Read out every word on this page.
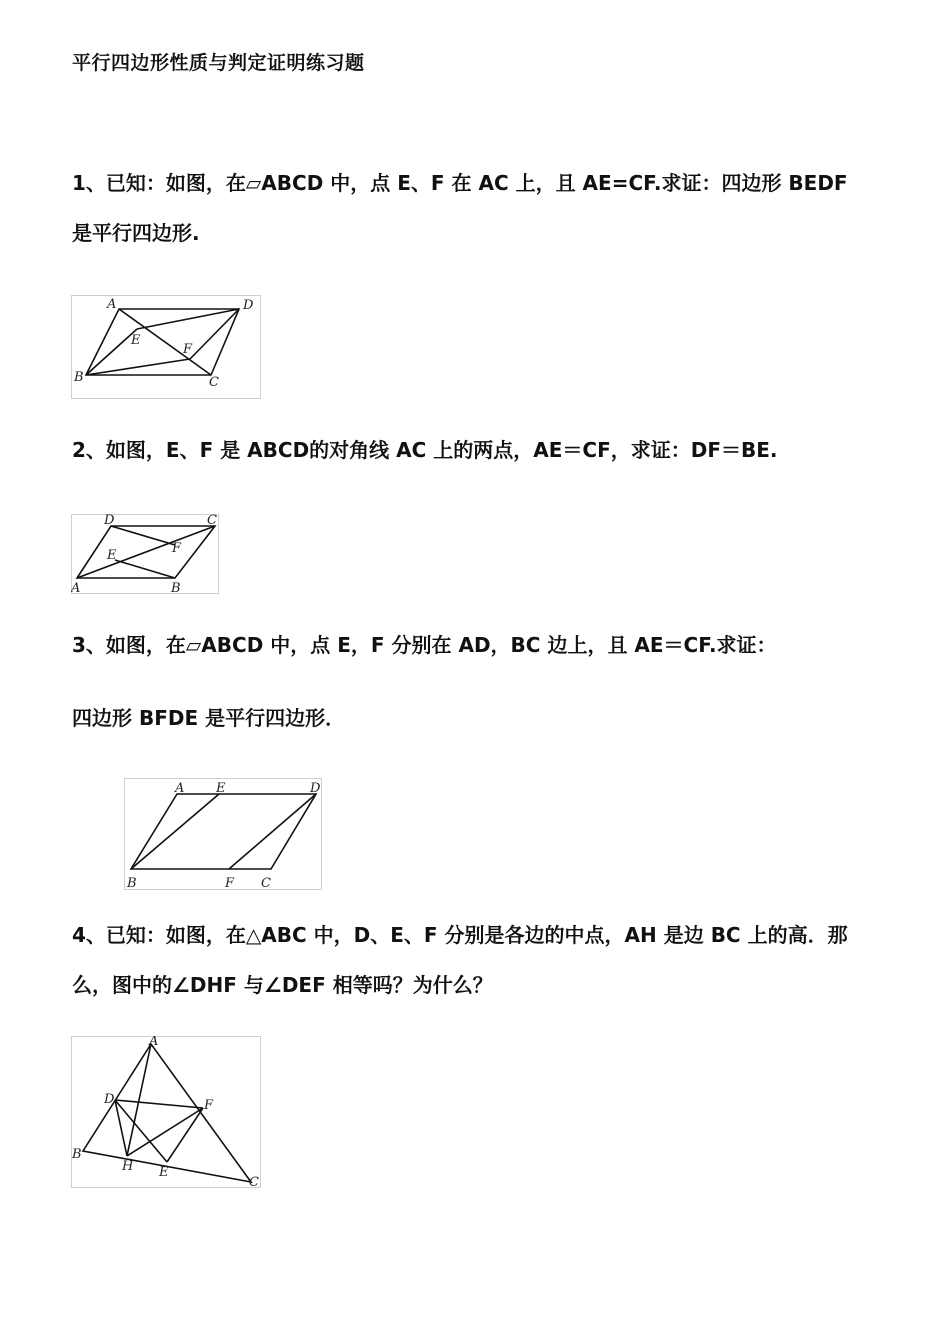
平行四边形性质与判定证明练习题
1、已知：如图，在▱ABCD 中，点 E、F 在 AC 上，且 AE=CF.求证：四边形 BEDF
是平行四边形.
A	D
B	C
E
F
2、如图，E、F 是 ABCD的对角线 AC 上的两点，AE＝CF，求证：DF＝BE.
D	C
E	F
A	B
3、如图，在▱ABCD 中，点 E，F 分别在 AD，BC 边上，且 AE＝CF.求证：
四边形 BFDE 是平行四边形．
A E	D
B	F C
4、已知：如图，在△ABC 中，D、E、F 分别是各边的中点，AH 是边 BC 上的高．那
么，图中的∠DHF 与∠DEF 相等吗？为什么？
A
D	F
B
H E
C
